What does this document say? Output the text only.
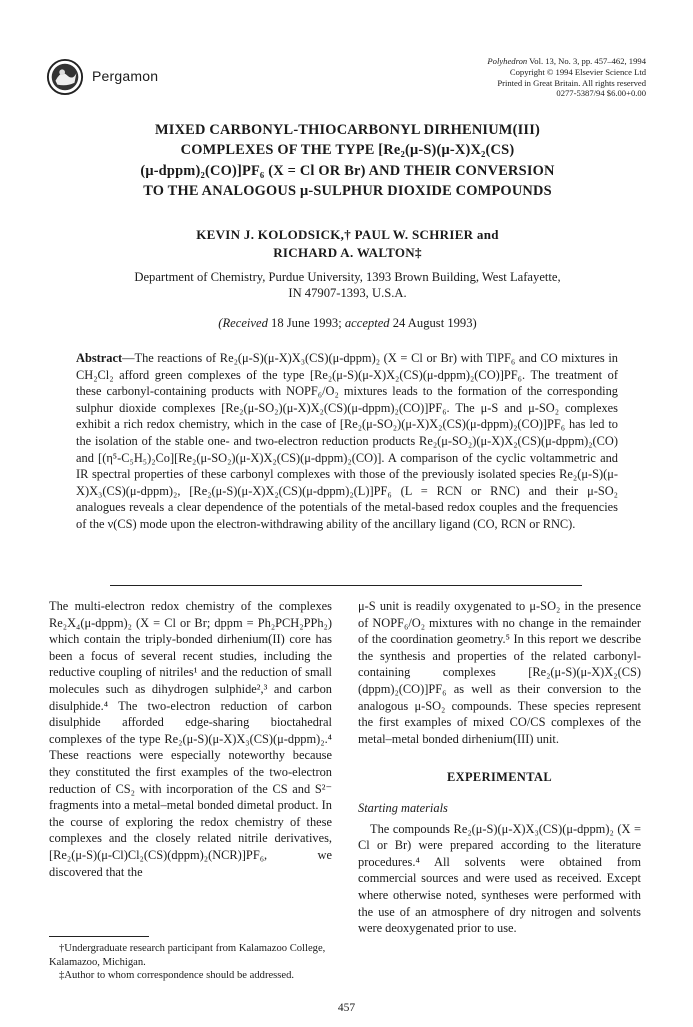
Pergamon
Polyhedron Vol. 13, No. 3, pp. 457–462, 1994
Copyright © 1994 Elsevier Science Ltd
Printed in Great Britain. All rights reserved
0277-5387/94 $6.00+0.00
MIXED CARBONYL-THIOCARBONYL DIRHENIUM(III)
COMPLEXES OF THE TYPE [Re₂(μ-S)(μ-X)X₂(CS)
(μ-dppm)₂(CO)]PF₆ (X = Cl OR Br) AND THEIR CONVERSION
TO THE ANALOGOUS μ-SULPHUR DIOXIDE COMPOUNDS
KEVIN J. KOLODSICK,† PAUL W. SCHRIER and
RICHARD A. WALTON‡
Department of Chemistry, Purdue University, 1393 Brown Building, West Lafayette,
IN 47907-1393, U.S.A.
(Received 18 June 1993; accepted 24 August 1993)
Abstract—The reactions of Re₂(μ-S)(μ-X)X₃(CS)(μ-dppm)₂ (X = Cl or Br) with TlPF₆ and CO mixtures in CH₂Cl₂ afford green complexes of the type [Re₂(μ-S)(μ-X)X₂(CS)(μ-dppm)₂(CO)]PF₆. The treatment of these carbonyl-containing products with NOPF₆/O₂ mixtures leads to the formation of the corresponding sulphur dioxide complexes [Re₂(μ-SO₂)(μ-X)X₂(CS)(μ-dppm)₂(CO)]PF₆. The μ-S and μ-SO₂ complexes exhibit a rich redox chemistry, which in the case of [Re₂(μ-SO₂)(μ-X)X₂(CS)(μ-dppm)₂(CO)]PF₆ has led to the isolation of the stable one- and two-electron reduction products Re₂(μ-SO₂)(μ-X)X₂(CS)(μ-dppm)₂(CO) and [(η⁵-C₅H₅)₂Co][Re₂(μ-SO₂)(μ-X)X₂(CS)(μ-dppm)₂(CO)]. A comparison of the cyclic voltammetric and IR spectral properties of these carbonyl complexes with those of the previously isolated species Re₂(μ-S)(μ-X)X₃(CS)(μ-dppm)₂, [Re₂(μ-S)(μ-X)X₂(CS)(μ-dppm)₂(L)]PF₆ (L = RCN or RNC) and their μ-SO₂ analogues reveals a clear dependence of the potentials of the metal-based redox couples and the frequencies of the ν(CS) mode upon the electron-withdrawing ability of the ancillary ligand (CO, RCN or RNC).

The multi-electron redox chemistry of the complexes Re₂X₄(μ-dppm)₂ (X = Cl or Br; dppm = Ph₂PCH₂PPh₂) which contain the triply-bonded dirhenium(II) core has been a focus of several recent studies, including the reductive coupling of nitriles¹ and the reduction of small molecules such as dihydrogen sulphide²,³ and carbon disulphide.⁴ The two-electron reduction of carbon disulphide afforded edge-sharing bioctahedral complexes of the type Re₂(μ-S)(μ-X)X₃(CS)(μ-dppm)₂.⁴ These reactions were especially noteworthy because they constituted the first examples of the two-electron reduction of CS₂ with incorporation of the CS and S²⁻ fragments into a metal–metal bonded dimetal product. In the course of exploring the redox chemistry of these complexes and the closely related nitrile derivatives, [Re₂(μ-S)(μ-Cl)Cl₂(CS)(dppm)₂(NCR)]PF₆, we discovered that the

μ-S unit is readily oxygenated to μ-SO₂ in the presence of NOPF₆/O₂ mixtures with no change in the remainder of the coordination geometry.⁵ In this report we describe the synthesis and properties of the related carbonyl-containing complexes [Re₂(μ-S)(μ-X)X₂(CS)(dppm)₂(CO)]PF₆ as well as their conversion to the analogous μ-SO₂ compounds. These species represent the first examples of mixed CO/CS complexes of the metal–metal bonded dirhenium(III) unit.

EXPERIMENTAL
Starting materials

The compounds Re₂(μ-S)(μ-X)X₃(CS)(μ-dppm)₂ (X = Cl or Br) were prepared according to the literature procedures.⁴ All solvents were obtained from commercial sources and were used as received. Except where otherwise noted, syntheses were performed with the use of an atmosphere of dry nitrogen and solvents were deoxygenated prior to use.

†Undergraduate research participant from Kalamazoo College, Kalamazoo, Michigan.

‡Author to whom correspondence should be addressed.

457
